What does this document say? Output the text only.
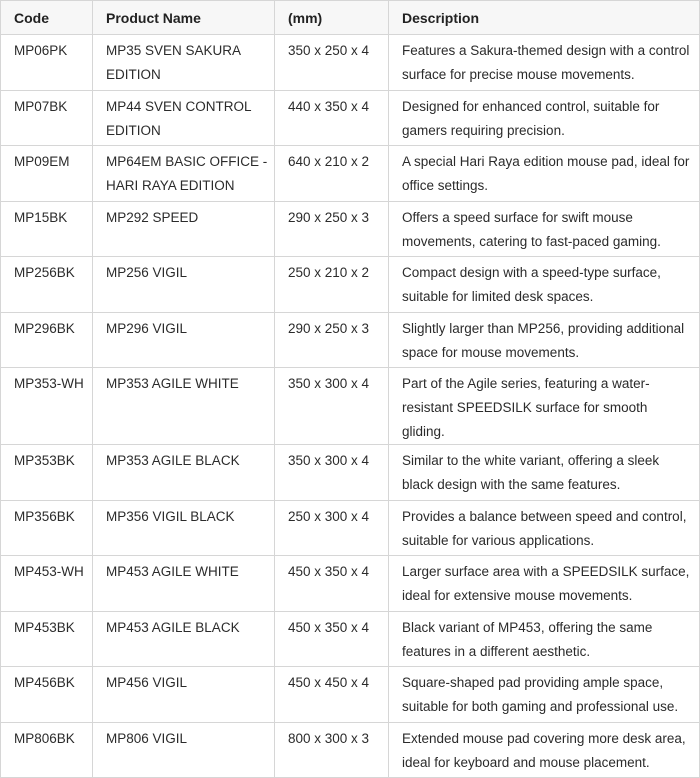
Code	Product Name	(mm)	Description
MP06PK	MP35 SVEN SAKURA EDITION	350 x 250 x 4	Features a Sakura-themed design with a control surface for precise mouse movements.
MP07BK	MP44 SVEN CONTROL EDITION	440 x 350 x 4	Designed for enhanced control, suitable for gamers requiring precision.
MP09EM	MP64EM BASIC OFFICE - HARI RAYA EDITION	640 x 210 x 2	A special Hari Raya edition mouse pad, ideal for office settings.
MP15BK	MP292 SPEED	290 x 250 x 3	Offers a speed surface for swift mouse movements, catering to fast-paced gaming.
MP256BK	MP256 VIGIL	250 x 210 x 2	Compact design with a speed-type surface, suitable for limited desk spaces.
MP296BK	MP296 VIGIL	290 x 250 x 3	Slightly larger than MP256, providing additional space for mouse movements.
MP353-WH	MP353 AGILE WHITE	350 x 300 x 4	Part of the Agile series, featuring a water-resistant SPEEDSILK surface for smooth gliding.
MP353BK	MP353 AGILE BLACK	350 x 300 x 4	Similar to the white variant, offering a sleek black design with the same features.
MP356BK	MP356 VIGIL BLACK	250 x 300 x 4	Provides a balance between speed and control, suitable for various applications.
MP453-WH	MP453 AGILE WHITE	450 x 350 x 4	Larger surface area with a SPEEDSILK surface, ideal for extensive mouse movements.
MP453BK	MP453 AGILE BLACK	450 x 350 x 4	Black variant of MP453, offering the same features in a different aesthetic.
MP456BK	MP456 VIGIL	450 x 450 x 4	Square-shaped pad providing ample space, suitable for both gaming and professional use.
MP806BK	MP806 VIGIL	800 x 300 x 3	Extended mouse pad covering more desk area, ideal for keyboard and mouse placement.
